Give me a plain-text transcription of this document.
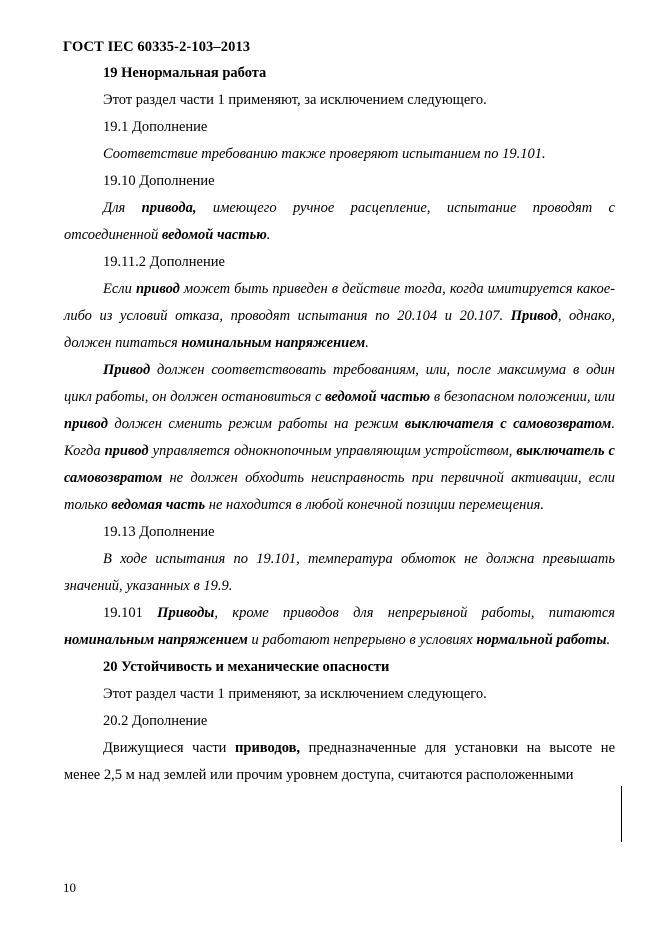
ГОСТ IEC 60335-2-103–2013

19 Ненормальная работа

Этот раздел части 1 применяют, за исключением следующего.

19.1 Дополнение

Соответствие требованию также проверяют испытанием по 19.101.

19.10 Дополнение

Для привода, имеющего ручное расцепление, испытание проводят с отсоединенной ведомой частью.

19.11.2 Дополнение

Если привод может быть приведен в действие тогда, когда имитируется какое-либо из условий отказа, проводят испытания по 20.104 и 20.107. Привод, однако, должен питаться номинальным напряжением.

Привод должен соответствовать требованиям, или, после максимума в один цикл работы, он должен остановиться с ведомой частью в безопасном положении, или привод должен сменить режим работы на режим выключателя с самовозвратом. Когда привод управляется однокнопочным управляющим устройством, выключатель с самовозвратом не должен обходить неисправность при первичной активации, если только ведомая часть не находится в любой конечной позиции перемещения.

19.13 Дополнение

В ходе испытания по 19.101, температура обмоток не должна превышать значений, указанных в 19.9.

19.101 Приводы, кроме приводов для непрерывной работы, питаются номинальным напряжением и работают непрерывно в условиях нормальной работы.

20 Устойчивость и механические опасности

Этот раздел части 1 применяют, за исключением следующего.

20.2 Дополнение

Движущиеся части приводов, предназначенные для установки на высоте не менее 2,5 м над землей или прочим уровнем доступа, считаются расположенными

10
